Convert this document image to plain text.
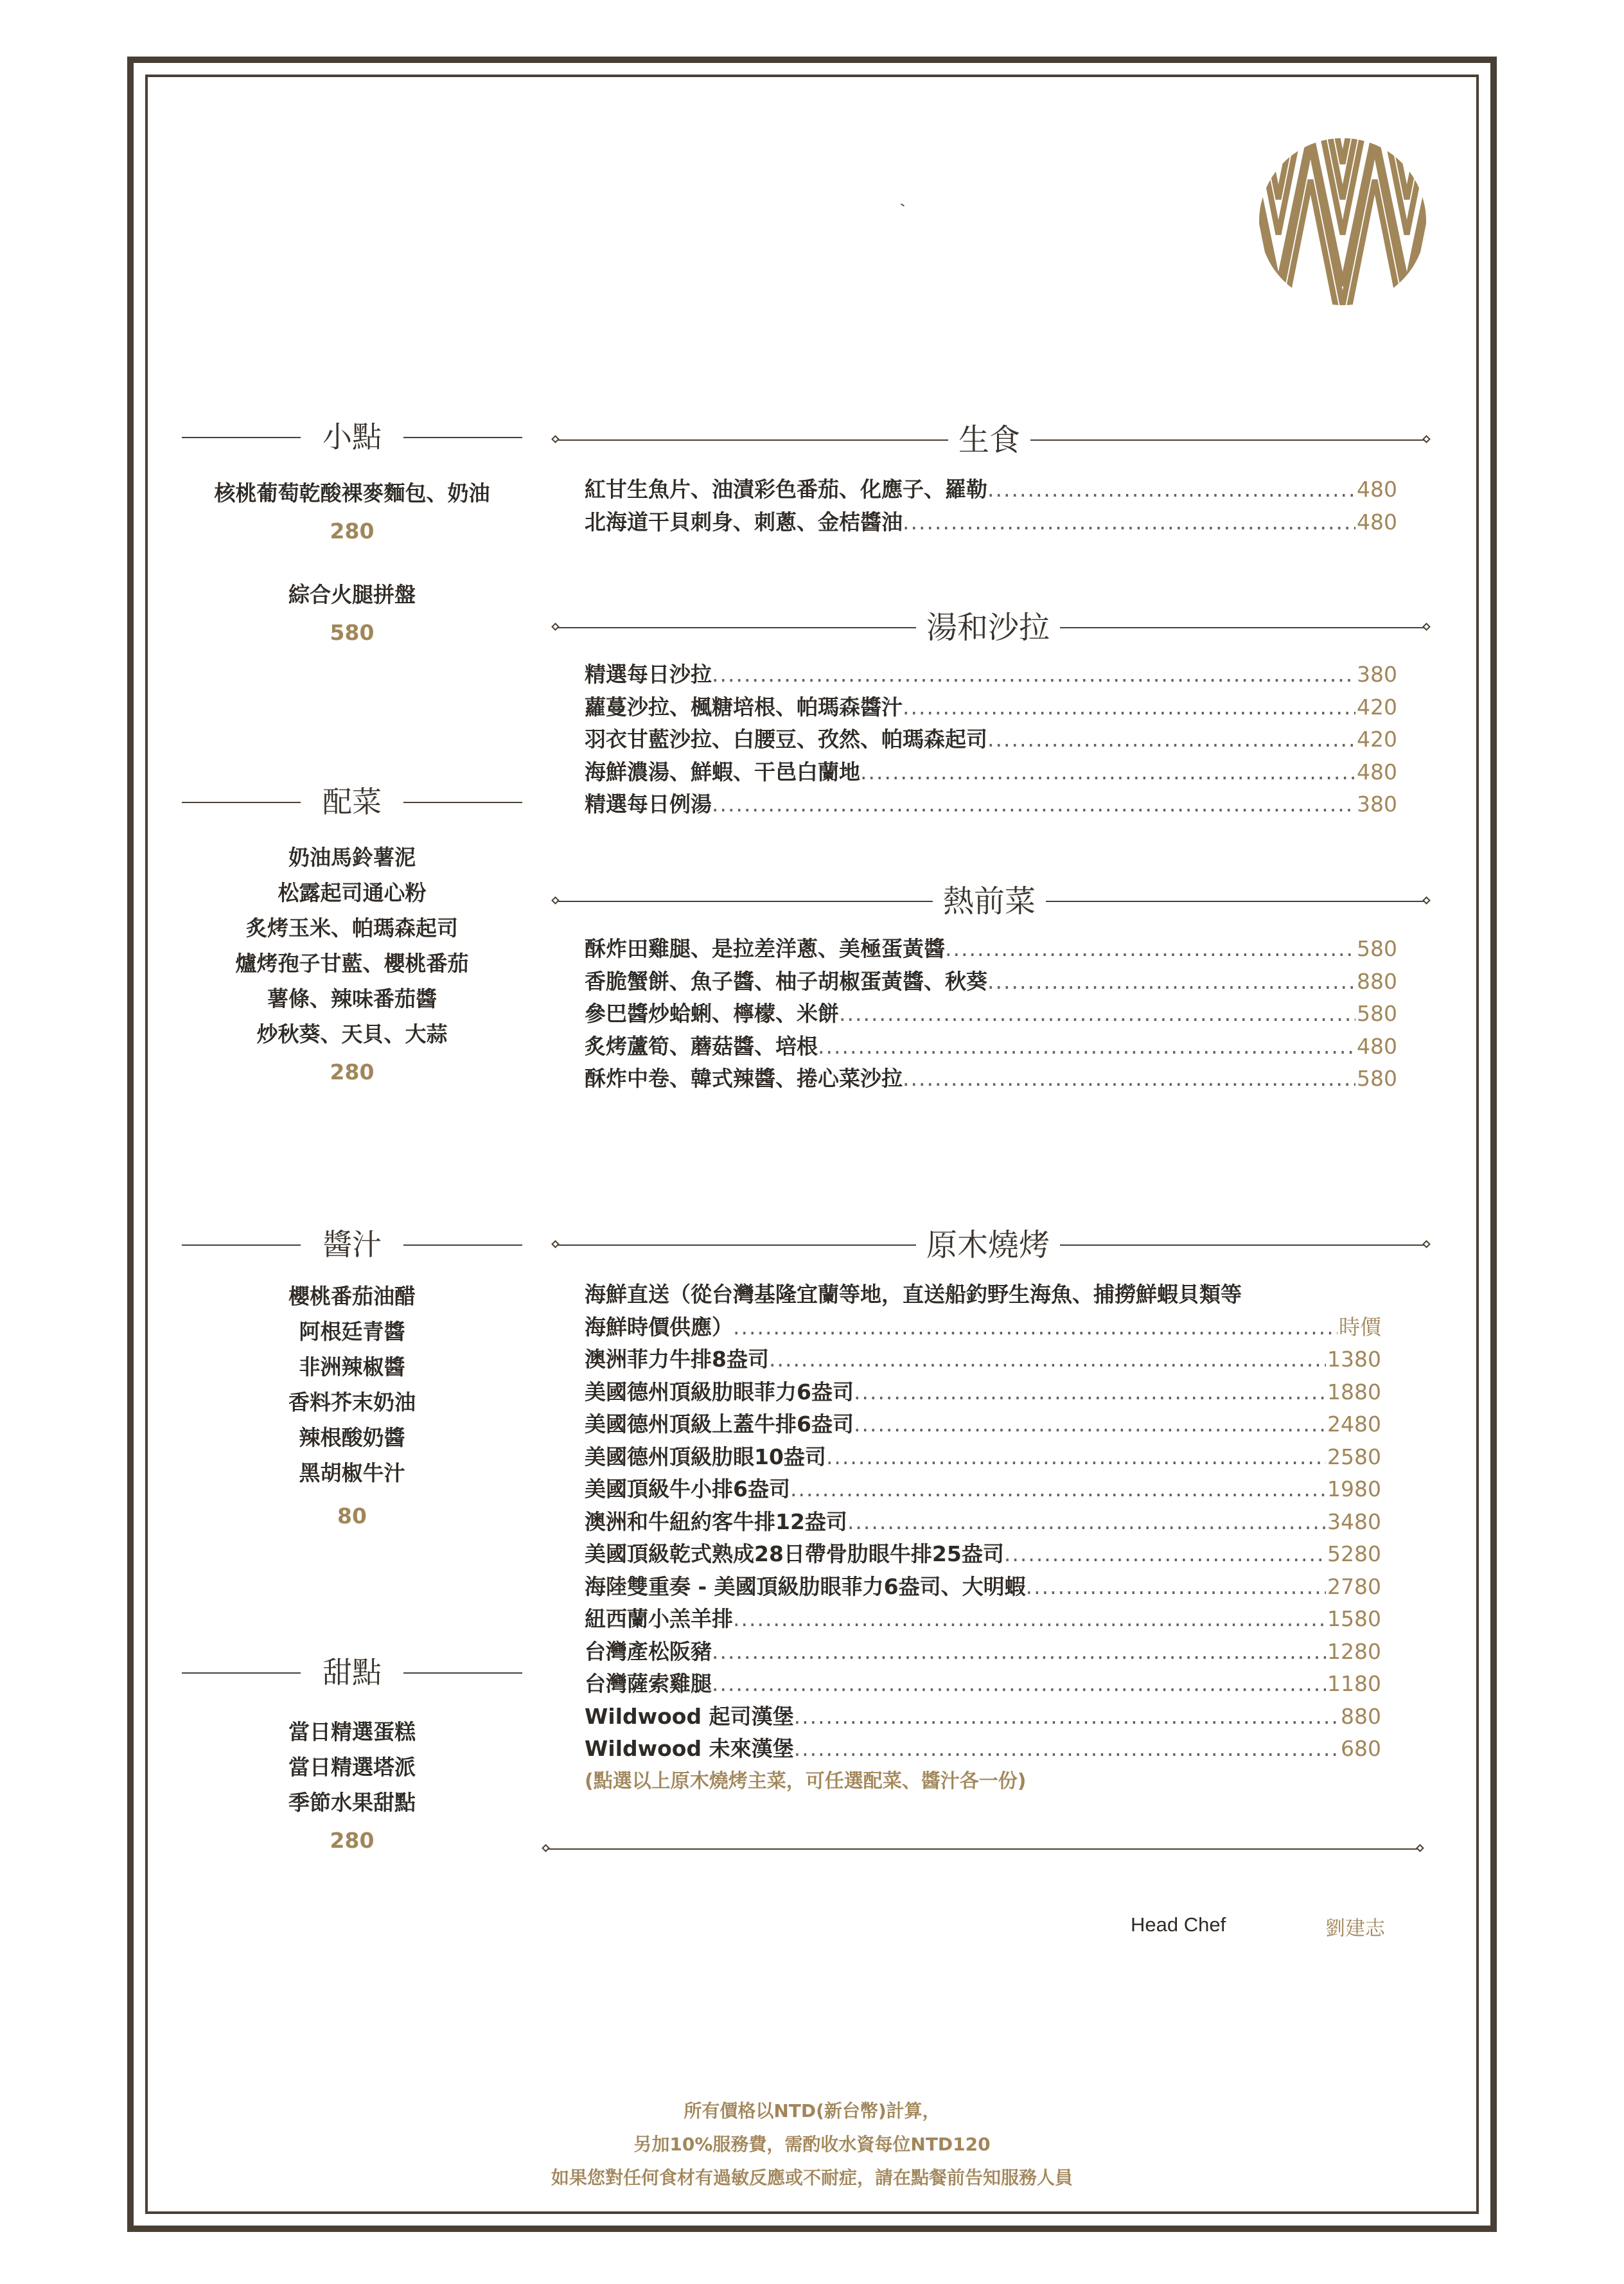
小點
核桃葡萄乾酸裸麥麵包、奶油
280
綜合火腿拼盤
580
配菜
奶油馬鈴薯泥
松露起司通心粉
炙烤玉米、帕瑪森起司
爐烤孢子甘藍、櫻桃番茄
薯條、辣味番茄醬
炒秋葵、天貝、大蒜
280
醬汁
櫻桃番茄油醋
阿根廷青醬
非洲辣椒醬
香料芥末奶油
辣根酸奶醬
黑胡椒牛汁
80
甜點
當日精選蛋糕
當日精選塔派
季節水果甜點
280
生食
紅甘生魚片、油漬彩色番茄、化應子、羅勒 .....	480
北海道干貝刺身、刺蔥、金桔醬油 .....	480
湯和沙拉
精選每日沙拉 .....	380
蘿蔓沙拉、楓糖培根、帕瑪森醬汁 .....	420
羽衣甘藍沙拉、白腰豆、孜然、帕瑪森起司 .....	420
海鮮濃湯、鮮蝦、干邑白蘭地 .....	480
精選每日例湯 .....	380
熱前菜
酥炸田雞腿、是拉差洋蔥、美極蛋黃醬 .....	580
香脆蟹餅、魚子醬、柚子胡椒蛋黃醬、秋葵 .....	880
參巴醬炒蛤蜊、檸檬、米餅 .....	580
炙烤蘆筍、蘑菇醬、培根 .....	480
酥炸中卷、韓式辣醬、捲心菜沙拉 .....	580
原木燒烤
海鮮直送（從台灣基隆宜蘭等地，直送船釣野生海魚、捕撈鮮蝦貝類等
海鮮時價供應） .....	時價
澳洲菲力牛排8盎司 .....	1380
美國德州頂級肋眼菲力6盎司 .....	1880
美國德州頂級上蓋牛排6盎司 .....	2480
美國德州頂級肋眼10盎司 .....	2580
美國頂級牛小排6盎司 .....	1980
澳洲和牛紐約客牛排12盎司 .....	3480
美國頂級乾式熟成28日帶骨肋眼牛排25盎司 .....	5280
海陸雙重奏 - 美國頂級肋眼菲力6盎司、大明蝦 .....	2780
紐西蘭小羔羊排 .....	1580
台灣產松阪豬 .....	1280
台灣薩索雞腿 .....	1180
Wildwood 起司漢堡 .....	880
Wildwood 未來漢堡 .....	680
(點選以上原木燒烤主菜，可任選配菜、醬汁各一份)
Head Chef	劉建志
所有價格以NTD(新台幣)計算，
另加10%服務費，需酌收水資每位NTD120
如果您對任何食材有過敏反應或不耐症，請在點餐前告知服務人員
